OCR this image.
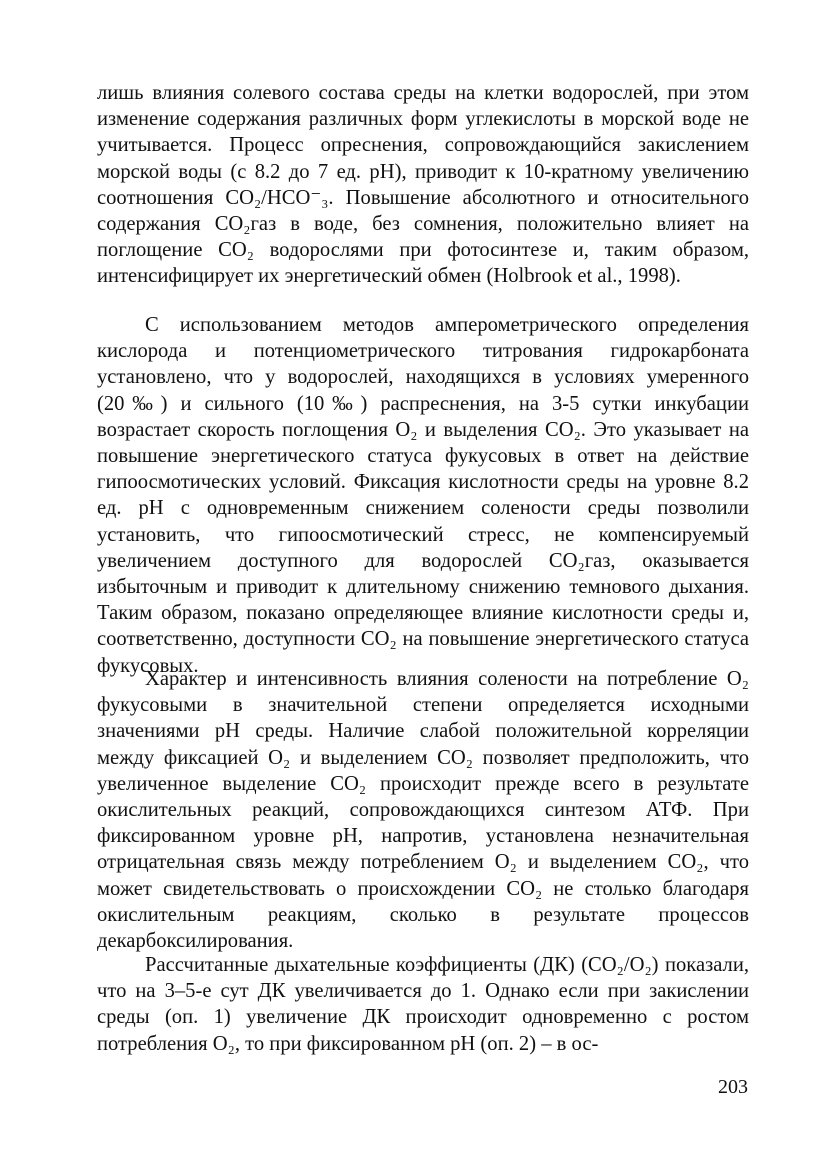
лишь влияния солевого состава среды на клетки водорослей, при этом изменение содержания различных форм углекислоты в морской воде не учитывается. Процесс опреснения, сопровождающийся закислением морской воды (с 8.2 до 7 ед. pH), приводит к 10-кратному увеличению соотношения CO₂/HCO⁻₃. Повышение абсолютного и относительного содержания CO₂газ в воде, без сомнения, положительно влияет на поглощение CO₂ водорослями при фотосинтезе и, таким образом, интенсифицирует их энергетический обмен (Holbrook et al., 1998).

С использованием методов амперометрического определения кислорода и потенциометрического титрования гидрокарбоната установлено, что у водорослей, находящихся в условиях умеренного (20‰) и сильного (10‰) распреснения, на 3-5 сутки инкубации возрастает скорость поглощения O₂ и выделения CO₂. Это указывает на повышение энергетического статуса фукусовых в ответ на действие гипоосмотических условий. Фиксация кислотности среды на уровне 8.2 ед. pH с одновременным снижением солености среды позволили установить, что гипоосмотический стресс, не компенсируемый увеличением доступного для водорослей CO₂газ, оказывается избыточным и приводит к длительному снижению темнового дыхания. Таким образом, показано определяющее влияние кислотности среды и, соответственно, доступности CO₂ на повышение энергетического статуса фукусовых.

Характер и интенсивность влияния солености на потребление O₂ фукусовыми в значительной степени определяется исходными значениями pH среды. Наличие слабой положительной корреляции между фиксацией O₂ и выделением CO₂ позволяет предположить, что увеличенное выделение CO₂ происходит прежде всего в результате окислительных реакций, сопровождающихся синтезом АТФ. При фиксированном уровне pH, напротив, установлена незначительная отрицательная связь между потреблением O₂ и выделением CO₂, что может свидетельствовать о происхождении CO₂ не столько благодаря окислительным реакциям, сколько в результате процессов декарбоксилирования.

Рассчитанные дыхательные коэффициенты (ДК) (CO₂/O₂) показали, что на 3–5-е сут ДК увеличивается до 1. Однако если при закислении среды (оп. 1) увеличение ДК происходит одновременно с ростом потребления O₂, то при фиксированном pH (оп. 2) – в ос-

203
